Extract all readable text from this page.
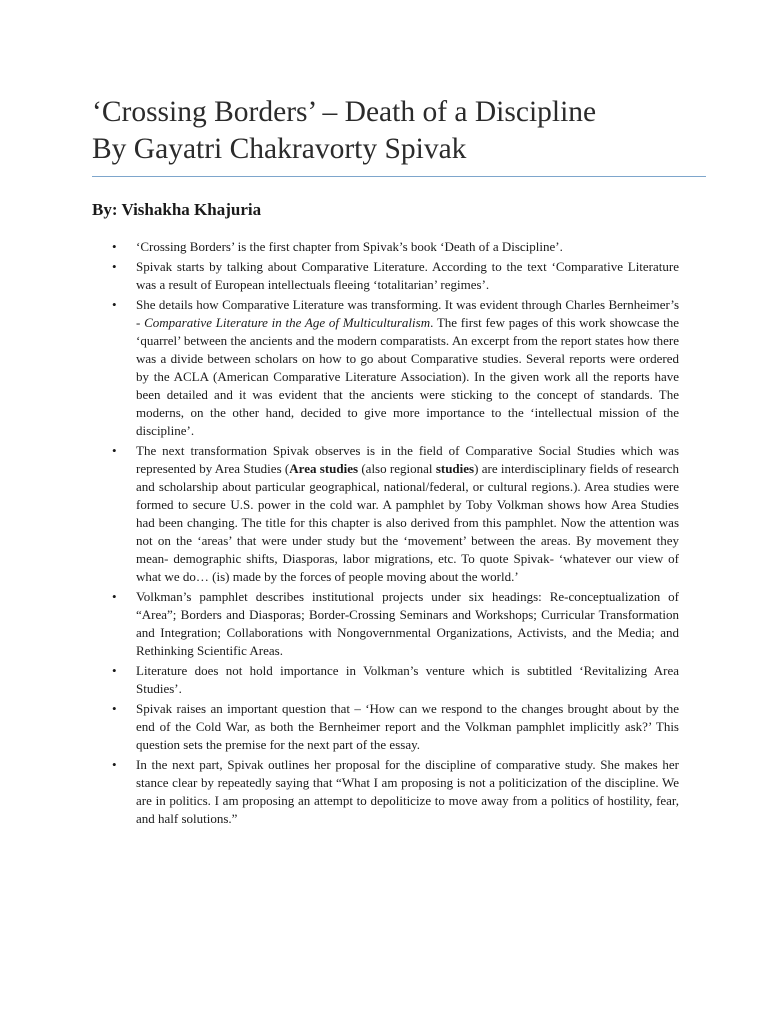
‘Crossing Borders’ – Death of a Discipline
By Gayatri Chakravorty Spivak

By: Vishakha Khajuria

• ‘Crossing Borders’ is the first chapter from Spivak’s book ‘Death of a Discipline’.
• Spivak starts by talking about Comparative Literature. According to the text ‘Comparative Literature was a result of European intellectuals fleeing ‘totalitarian’ regimes’.
• She details how Comparative Literature was transforming. It was evident through Charles Bernheimer’s - Comparative Literature in the Age of Multiculturalism. The first few pages of this work showcase the ‘quarrel’ between the ancients and the modern comparatists. An excerpt from the report states how there was a divide between scholars on how to go about Comparative studies. Several reports were ordered by the ACLA (American Comparative Literature Association). In the given work all the reports have been detailed and it was evident that the ancients were sticking to the concept of standards. The moderns, on the other hand, decided to give more importance to the ‘intellectual mission of the discipline’.
• The next transformation Spivak observes is in the field of Comparative Social Studies which was represented by Area Studies (Area studies (also regional studies) are interdisciplinary fields of research and scholarship about particular geographical, national/federal, or cultural regions.). Area studies were formed to secure U.S. power in the cold war. A pamphlet by Toby Volkman shows how Area Studies had been changing. The title for this chapter is also derived from this pamphlet. Now the attention was not on the ‘areas’ that were under study but the ‘movement’ between the areas. By movement they mean- demographic shifts, Diasporas, labor migrations, etc. To quote Spivak- ‘whatever our view of what we do… (is) made by the forces of people moving about the world.’
• Volkman’s pamphlet describes institutional projects under six headings: Re-conceptualization of “Area”; Borders and Diasporas; Border-Crossing Seminars and Workshops; Curricular Transformation and Integration; Collaborations with Nongovernmental Organizations, Activists, and the Media; and Rethinking Scientific Areas.
• Literature does not hold importance in Volkman’s venture which is subtitled ‘Revitalizing Area Studies’.
• Spivak raises an important question that – ‘How can we respond to the changes brought about by the end of the Cold War, as both the Bernheimer report and the Volkman pamphlet implicitly ask?’ This question sets the premise for the next part of the essay.
• In the next part, Spivak outlines her proposal for the discipline of comparative study. She makes her stance clear by repeatedly saying that “What I am proposing is not a politicization of the discipline. We are in politics. I am proposing an attempt to depoliticize to move away from a politics of hostility, fear, and half solutions.”
